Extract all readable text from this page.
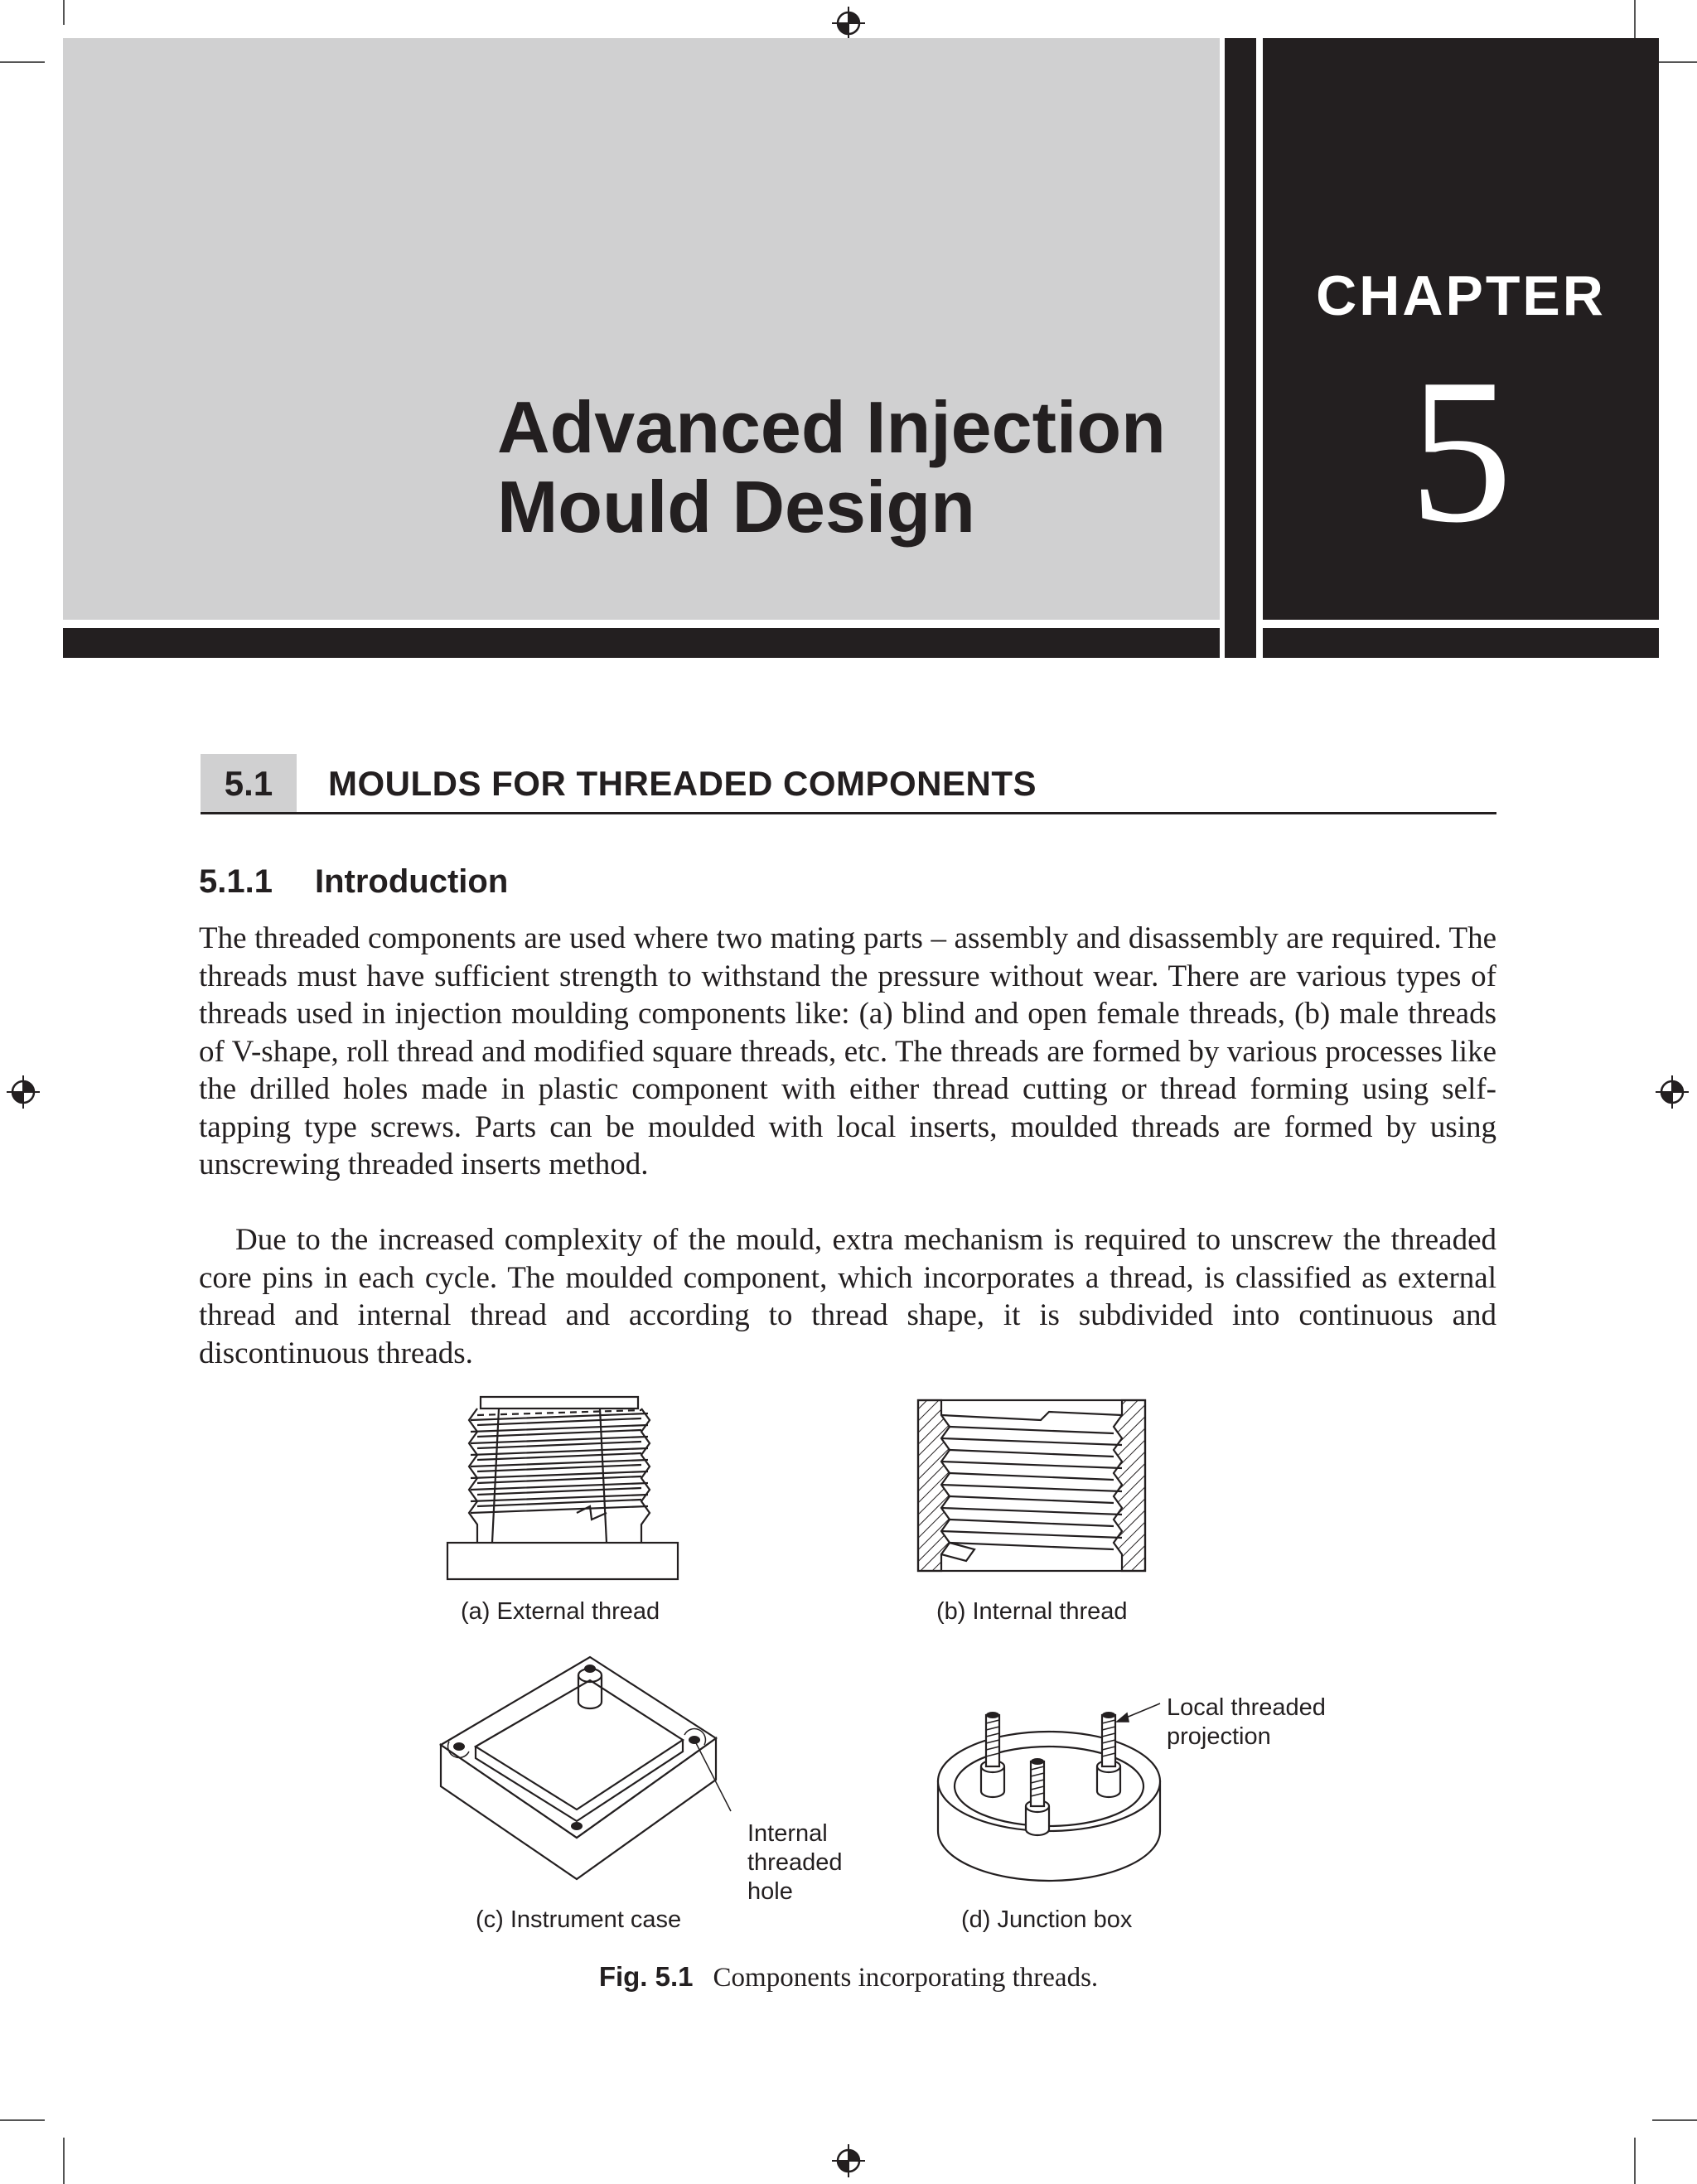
Advanced Injection
Mould Design
CHAPTER
5
5.1	MOULDS FOR THREADED COMPONENTS
5.1.1 Introduction

The threaded components are used where two mating parts – assembly and disassembly are required. The threads must have sufficient strength to withstand the pressure without wear. There are various types of threads used in injection moulding components like: (a) blind and open female threads, (b) male threads of V-shape, roll thread and modified square threads, etc. The threads are formed by various processes like the drilled holes made in plastic component with either thread cutting or thread forming using self-tapping type screws. Parts can be moulded with local inserts, moulded threads are formed by using unscrewing threaded inserts method.

Due to the increased complexity of the mould, extra mechanism is required to unscrew the threaded core pins in each cycle. The moulded component, which incorporates a thread, is classified as external thread and internal thread and according to thread shape, it is subdivided into continuous and discontinuous threads.

(a) External thread	(b) Internal thread
Internal
threaded
hole
(c) Instrument case
Local threaded
projection
(d) Junction box
Fig. 5.1 Components incorporating threads.
